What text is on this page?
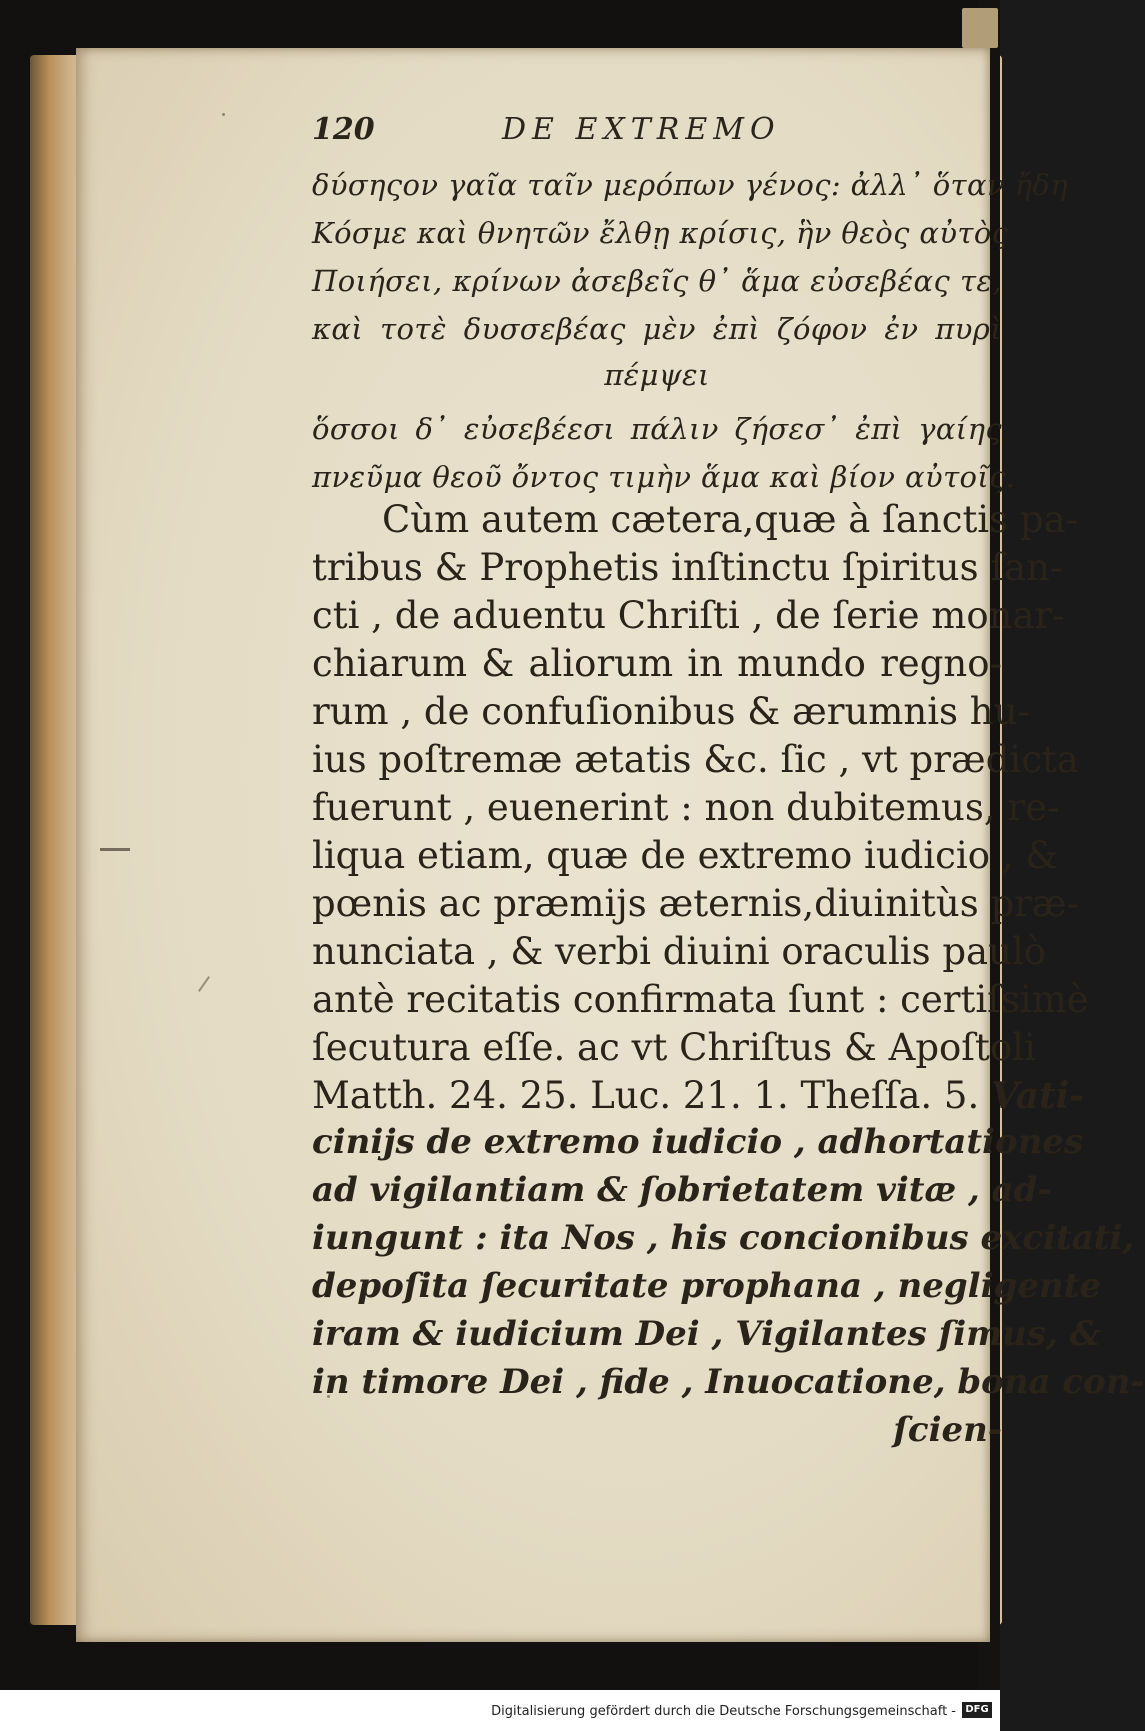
120	DE EXTREMO
δύσηςον γαῖα ταῖν μερόπων γένος: ἀλλ᾿ ὅταν ἤδη
Κόσμε καὶ θνητῶν ἔλθῃ κρίσις, ἣν θεὸς αὐτὸς
Ποιήσει, κρίνων ἀσεβεῖς θ᾿ ἅμα εὐσεβέας τε,
καὶ τοτὲ δυσσεβέας μὲν ἐπὶ ζόφον ἐν πυρὶ
πέμψει
ὅσσοι δ᾿ εὐσεβέεσι πάλιν ζήσεσ᾿ ἐπὶ γαίης
πνεῦμα θεοῦ ὄντος τιμὴν ἅμα καὶ βίον αὐτοῖς.
Cùm autem cætera,quæ à ſanctis pa-
tribus & Prophetis inſtinctu ſpiritus ſan-
cti , de aduentu Chriſti , de ſerie monar-
chiarum & aliorum in mundo regno-
rum , de confuſionibus & ærumnis hu-
ius poſtremæ ætatis &c. ſic , vt prædicta
fuerunt , euenerint : non dubitemus, re-
liqua etiam, quæ de extremo iudicio , &
pœnis ac præmijs æternis,diuinitùs præ-
nunciata , & verbi diuini oraculis paulò
antè recitatis confirmata ſunt : certiſsimè
ſecutura eſſe. ac vt Chriſtus & Apoſtoli
Matth. 24. 25. Luc. 21. 1. Theſſa. 5. Vati-
cinijs de extremo iudicio , adhortationes
ad vigilantiam & ſobrietatem vitæ , ad-
iungunt : ita Nos , his concionibus excitati,
depoſita ſecuritate prophana , negligente
iram & iudicium Dei , Vigilantes ſimus, &
in timore Dei , fide , Inuocatione, bona con-
ſcien-
Digitalisierung gefördert durch die Deutsche Forschungsgemeinschaft - DFG
